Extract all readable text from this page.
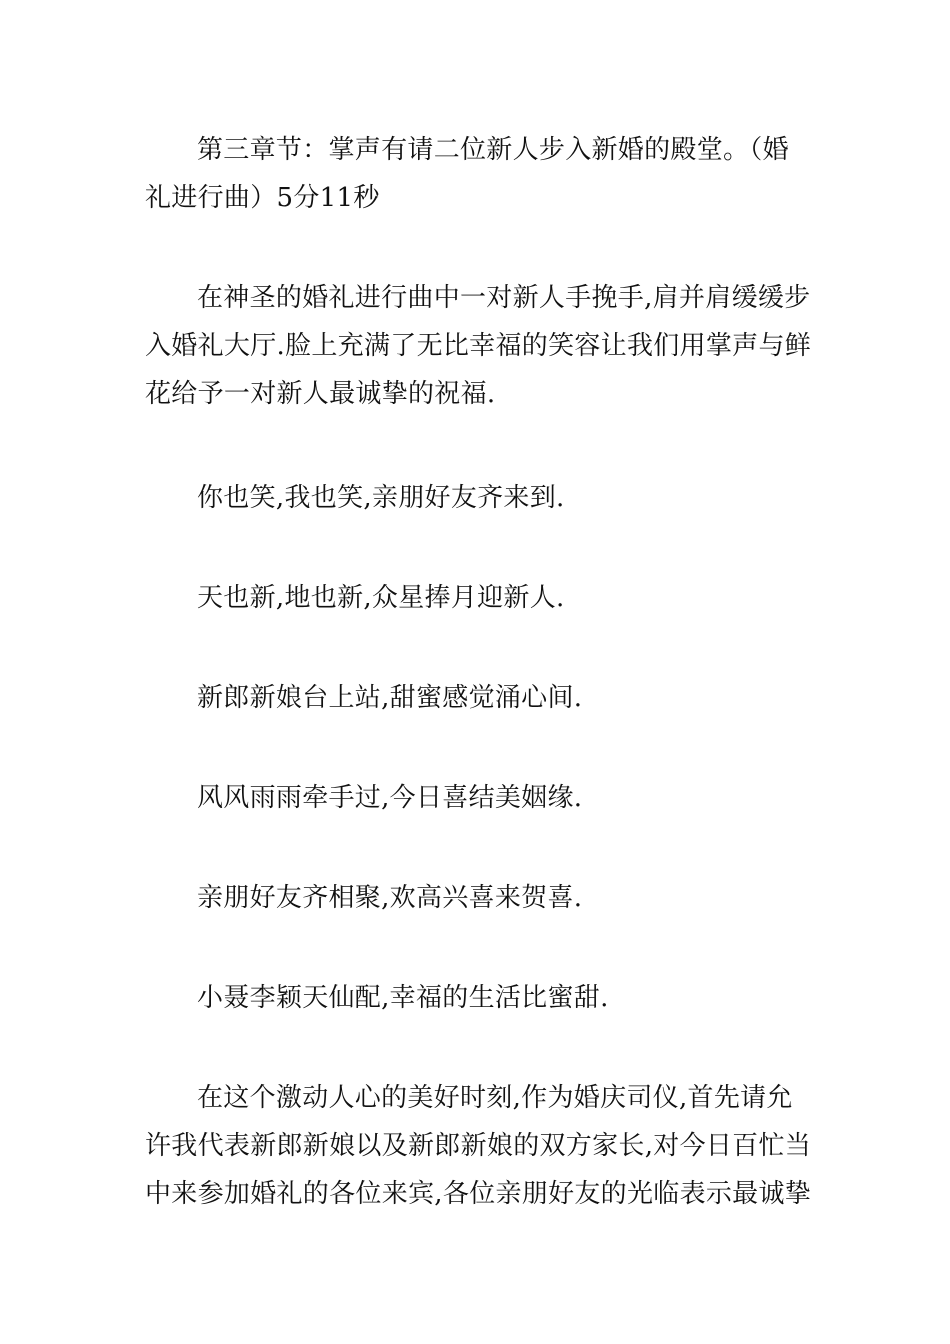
第三章节：掌声有请二位新人步入新婚的殿堂。（婚
礼进行曲）5分11秒

在神圣的婚礼进行曲中一对新人手挽手,肩并肩缓缓步
入婚礼大厅.脸上充满了无比幸福的笑容让我们用掌声与鲜
花给予一对新人最诚挚的祝福.

你也笑,我也笑,亲朋好友齐来到.

天也新,地也新,众星捧月迎新人.

新郎新娘台上站,甜蜜感觉涌心间.

风风雨雨牵手过,今日喜结美姻缘.

亲朋好友齐相聚,欢高兴喜来贺喜.

小聂李颖天仙配,幸福的生活比蜜甜.

在这个激动人心的美好时刻,作为婚庆司仪,首先请允
许我代表新郎新娘以及新郎新娘的双方家长,对今日百忙当
中来参加婚礼的各位来宾,各位亲朋好友的光临表示最诚挚
